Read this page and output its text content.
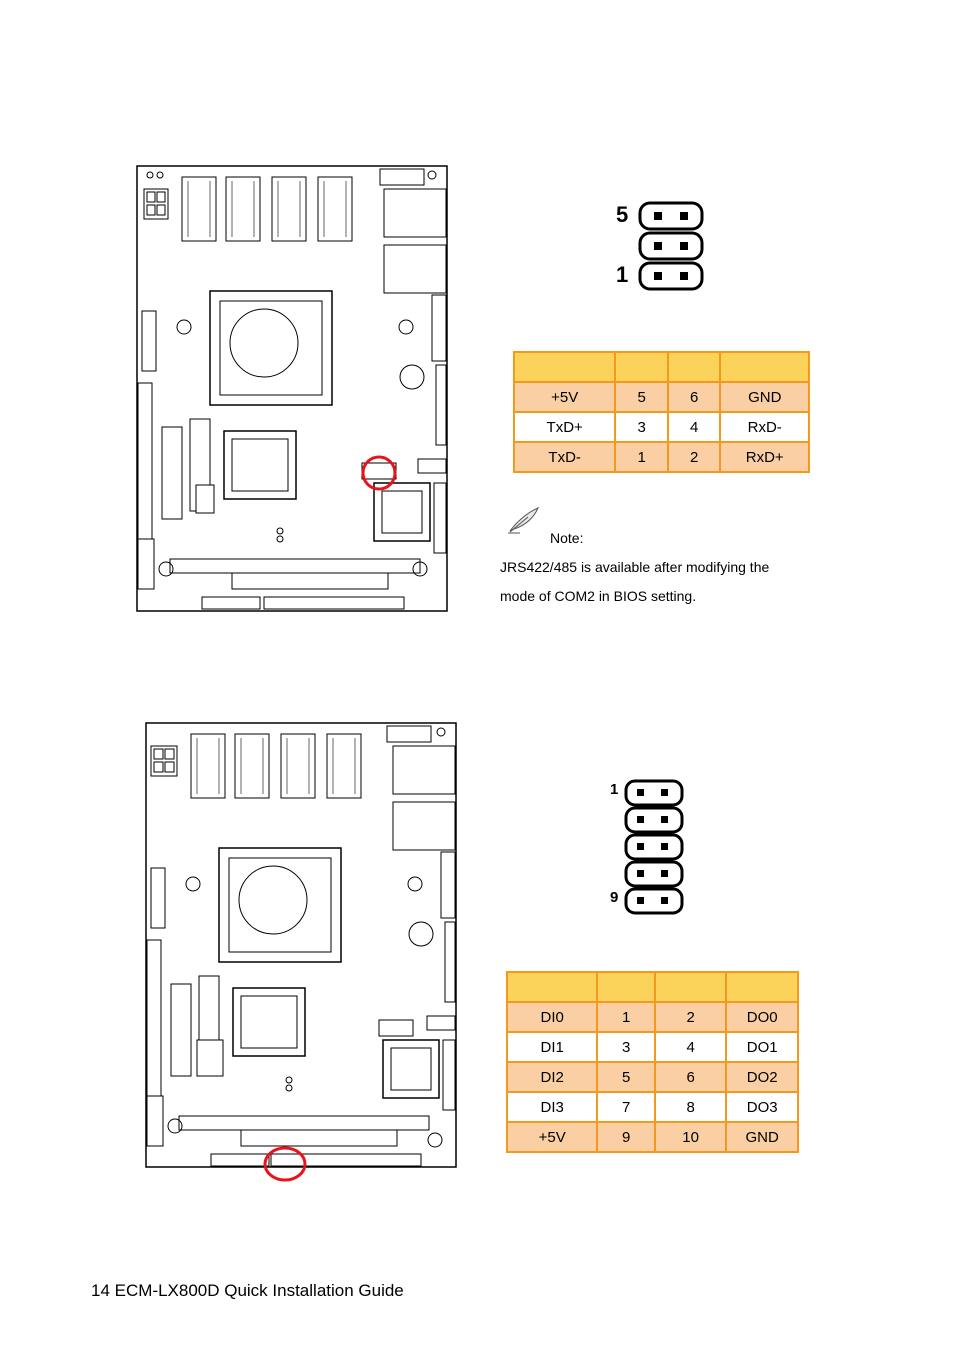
5
1

+5V	5	6	GND
TxD+	3	4	RxD-
TxD-	1	2	RxD+
Note:
JRS422/485 is available after modifying the
mode of COM2 in BIOS setting.
1
9

DI0	1	2	DO0
DI1	3	4	DO1
DI2	5	6	DO2
DI3	7	8	DO3
+5V	9	10	GND
14 ECM-LX800D Quick Installation Guide
